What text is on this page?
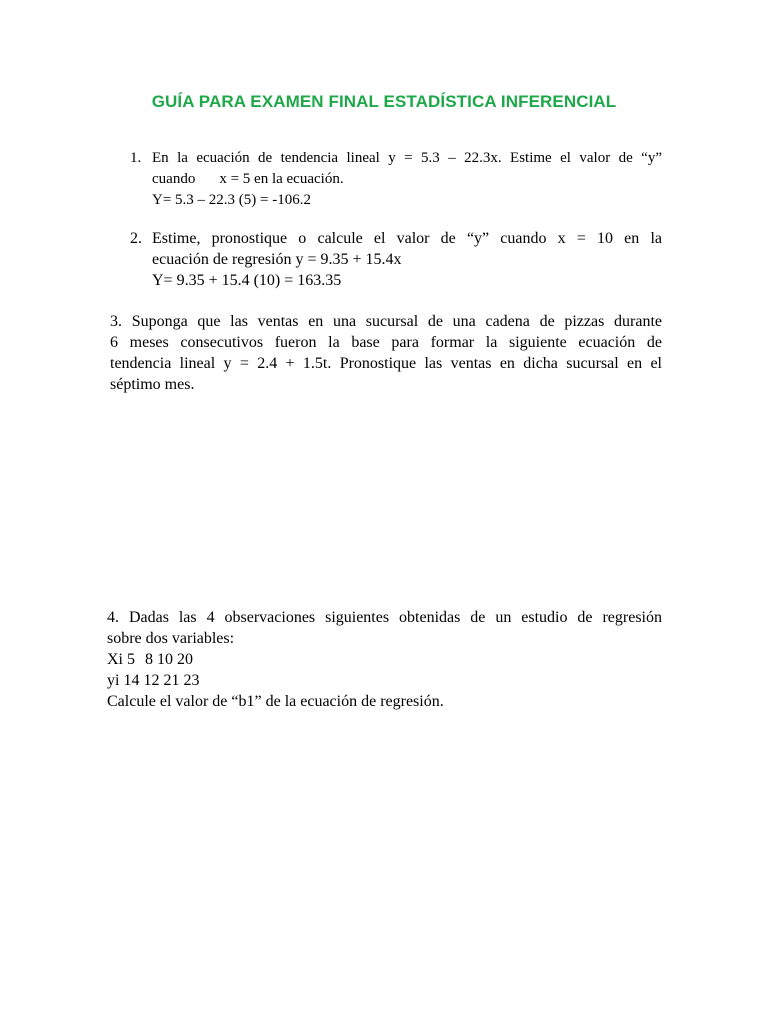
GUÍA PARA EXAMEN FINAL ESTADÍSTICA INFERENCIAL
1. En la ecuación de tendencia lineal y = 5.3 – 22.3x. Estime el valor de “y”
cuando x = 5 en la ecuación.
Y= 5.3 – 22.3 (5) = -106.2
2. Estime, pronostique o calcule el valor de “y” cuando x = 10 en la
ecuación de regresión y = 9.35 + 15.4x
Y= 9.35 + 15.4 (10) = 163.35
3. Suponga que las ventas en una sucursal de una cadena de pizzas durante
6 meses consecutivos fueron la base para formar la siguiente ecuación de
tendencia lineal y = 2.4 + 1.5t. Pronostique las ventas en dicha sucursal en el
séptimo mes.
4. Dadas las 4 observaciones siguientes obtenidas de un estudio de regresión
sobre dos variables:
Xi 5 8 10 20
yi 14 12 21 23
Calcule el valor de “b1” de la ecuación de regresión.
